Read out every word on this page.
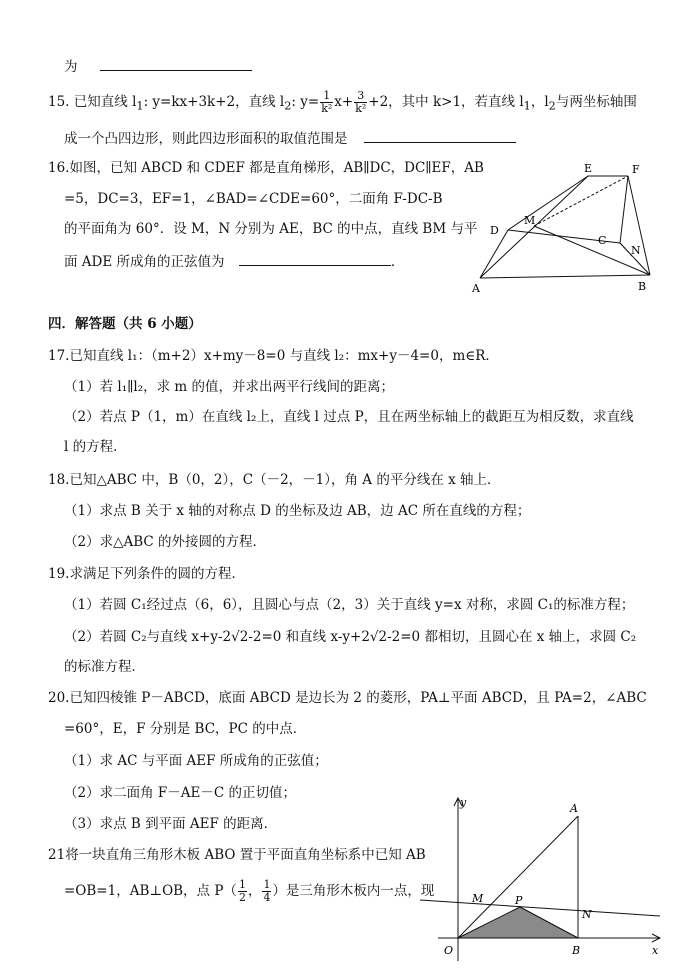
为
15. 已知直线 $l_1$: y=kx+3k+2，直线 $l_2$: $y= \frac{1}{\text{k²}} x+ \frac{3}{\text{k²}} +2$，其中 k>1，若直线 $l_1$，$l_2$与两坐标轴围
成一个凸四边形，则此四边形面积的取值范围是
16.如图，已知 ABCD 和 CDEF 都是直角梯形，AB∥DC，DC∥EF，AB
=5，DC=3，EF=1，∠BAD=∠CDE=60°，二面角 F-DC-B
的平面角为 60°．设 M，N 分别为 AE，BC 的中点，直线 BM 与平
面 ADE 所成角的正弦值为	．
E	F
M
D
C
N
A	B
四．解答题（共 6 小题）
17.已知直线 l₁：（m+2）x+my－8=0 与直线 l₂：mx+y－4=0，m∈R．
（1）若 l₁∥l₂，求 m 的值，并求出两平行线间的距离；
（2）若点 P（1，m）在直线 l₂上，直线 l 过点 P，且在两坐标轴上的截距互为相反数，求直线
l 的方程．
18.已知△ABC 中，B（0，2），C（－2，－1），角 A 的平分线在 x 轴上．
（1）求点 B 关于 x 轴的对称点 D 的坐标及边 AB，边 AC 所在直线的方程；
（2）求△ABC 的外接圆的方程．
19.求满足下列条件的圆的方程．
（1）若圆 C₁经过点（6，6），且圆心与点（2，3）关于直线 y=x 对称，求圆 C₁的标准方程；
（2）若圆 C₂与直线 x+y-2√2-2=0 和直线 x-y+2√2-2=0 都相切，且圆心在 x 轴上，求圆 C₂
的标准方程．
20.已知四棱锥 P－ABCD，底面 ABCD 是边长为 2 的菱形，PA⊥平面 ABCD，且 PA=2，∠ABC
=60°，E，F 分别是 BC，PC 的中点．
（1）求 AC 与平面 AEF 所成角的正弦值；
（2）求二面角 F－AE－C 的正切值；
（3）求点 B 到平面 AEF 的距离．
21将一块直角三角形木板 ABO 置于平面直角坐标系中已知 AB
=OB=1，AB⊥OB，点 $P( \frac{1}{2}$ ， $\frac{1}{4}$ ）是三角形木板内一点，现
y	A
M	P
N
O	B	x
